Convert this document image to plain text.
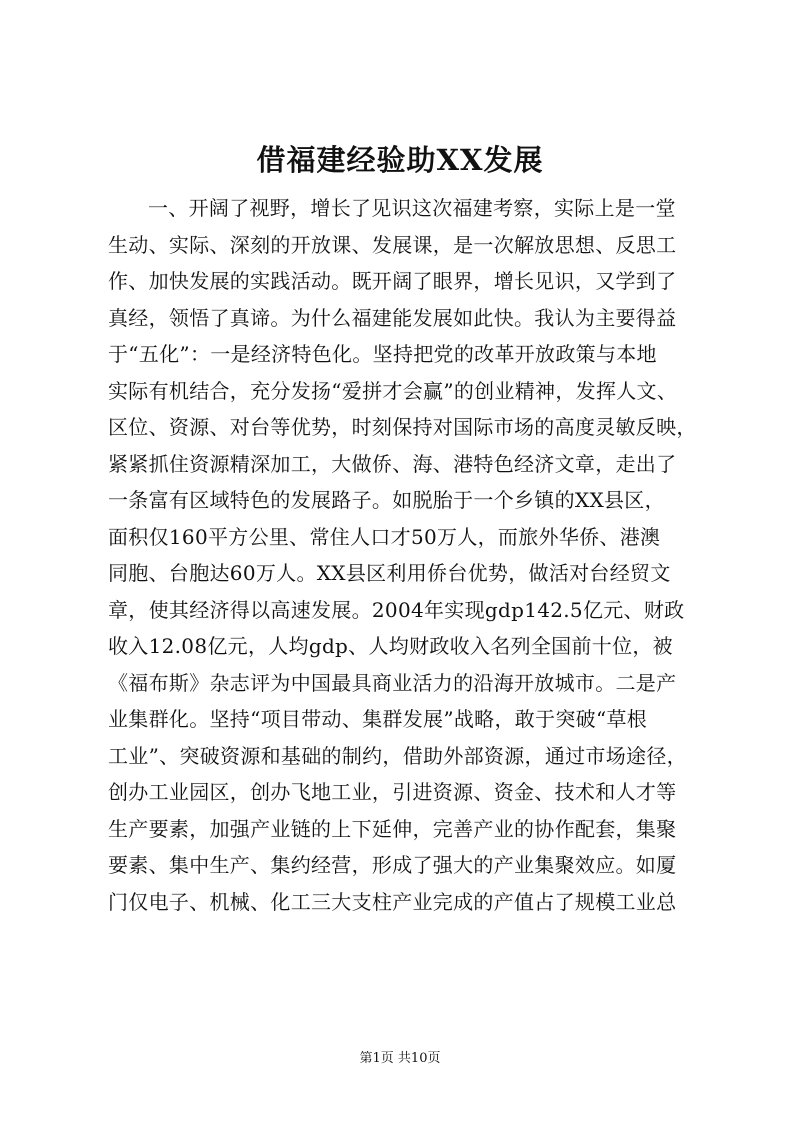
借福建经验助XX发展
一、开阔了视野，增长了见识这次福建考察，实际上是一堂
生动、实际、深刻的开放课、发展课，是一次解放思想、反思工
作、加快发展的实践活动。既开阔了眼界，增长见识，又学到了
真经，领悟了真谛。为什么福建能发展如此快。我认为主要得益
于“五化”：一是经济特色化。坚持把党的改革开放政策与本地
实际有机结合，充分发扬“爱拼才会赢”的创业精神，发挥人文、
区位、资源、对台等优势，时刻保持对国际市场的高度灵敏反映，
紧紧抓住资源精深加工，大做侨、海、港特色经济文章，走出了
一条富有区域特色的发展路子。如脱胎于一个乡镇的XX县区，
面积仅160平方公里、常住人口才50万人，而旅外华侨、港澳
同胞、台胞达60万人。XX县区利用侨台优势，做活对台经贸文
章，使其经济得以高速发展。2004年实现gdp142.5亿元、财政
收入12.08亿元，人均gdp、人均财政收入名列全国前十位，被
《福布斯》杂志评为中国最具商业活力的沿海开放城市。二是产
业集群化。坚持“项目带动、集群发展”战略，敢于突破“草根
工业”、突破资源和基础的制约，借助外部资源，通过市场途径，
创办工业园区，创办飞地工业，引进资源、资金、技术和人才等
生产要素，加强产业链的上下延伸，完善产业的协作配套，集聚
要素、集中生产、集约经营，形成了强大的产业集聚效应。如厦
门仅电子、机械、化工三大支柱产业完成的产值占了规模工业总
第1页 共10页
